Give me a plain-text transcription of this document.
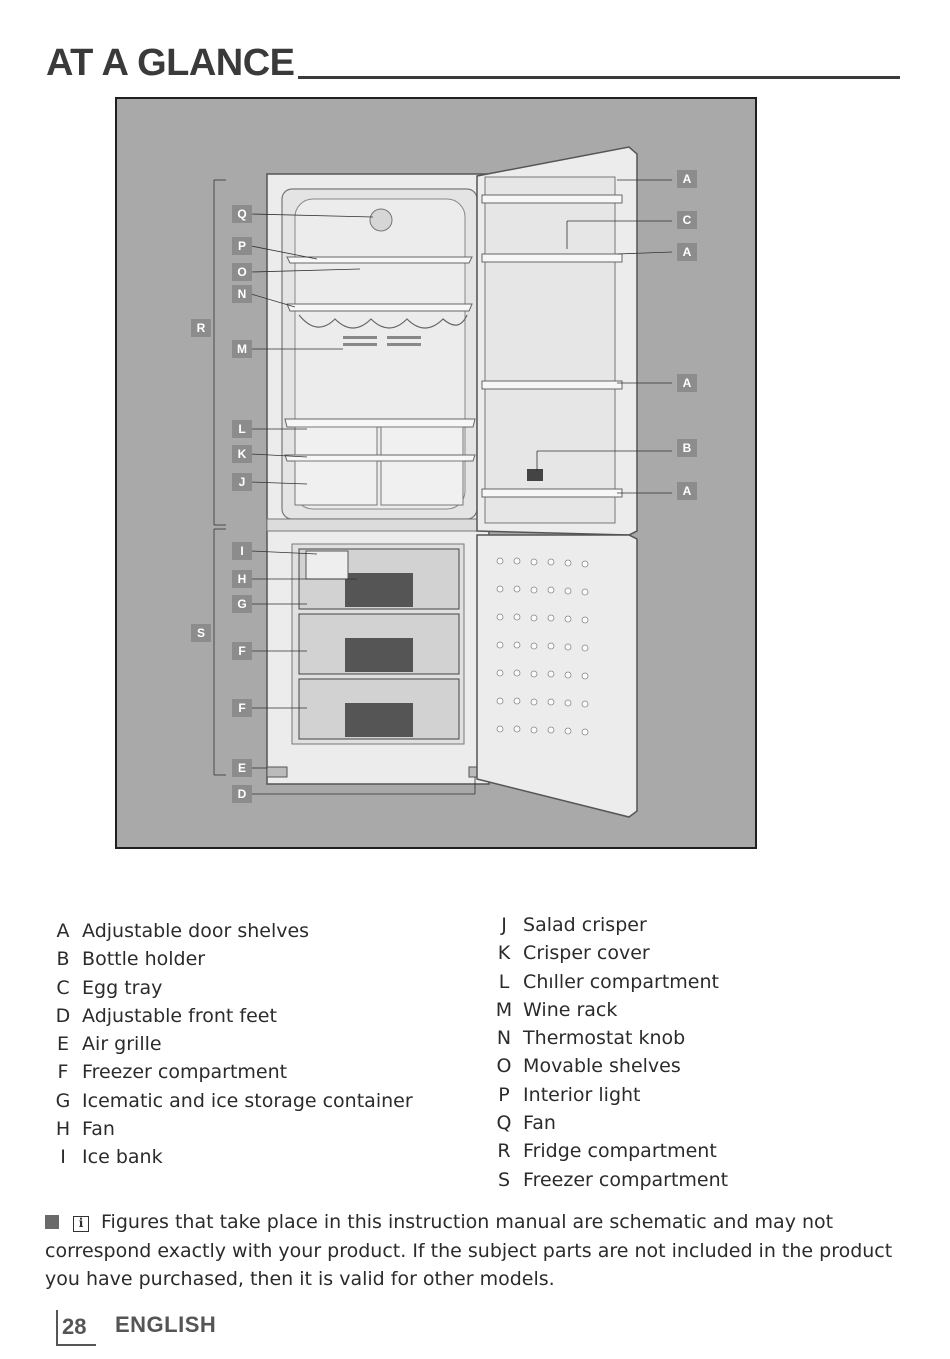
AT A GLANCE
A
C
A
A
B
A
Q
P
O
N
R
M
L
K
J
I
H
G
S
F
F
E
D
A Adjustable door shelves
B Bottle holder
C Egg tray
D Adjustable front feet
E Air grille
F Freezer compartment
G Icematic and ice storage container
H Fan
I Ice bank
J Salad crisper
K Crisper cover
L Chıller compartment
M Wine rack
N Thermostat knob
O Movable shelves
P Interior light
Q Fan
R Fridge compartment
S Freezer compartment
i Figures that take place in this instruction manual are schematic and may not correspond exactly with your product. If the subject parts are not included in the product you have purchased, then it is valid for other models.
28 ENGLISH
